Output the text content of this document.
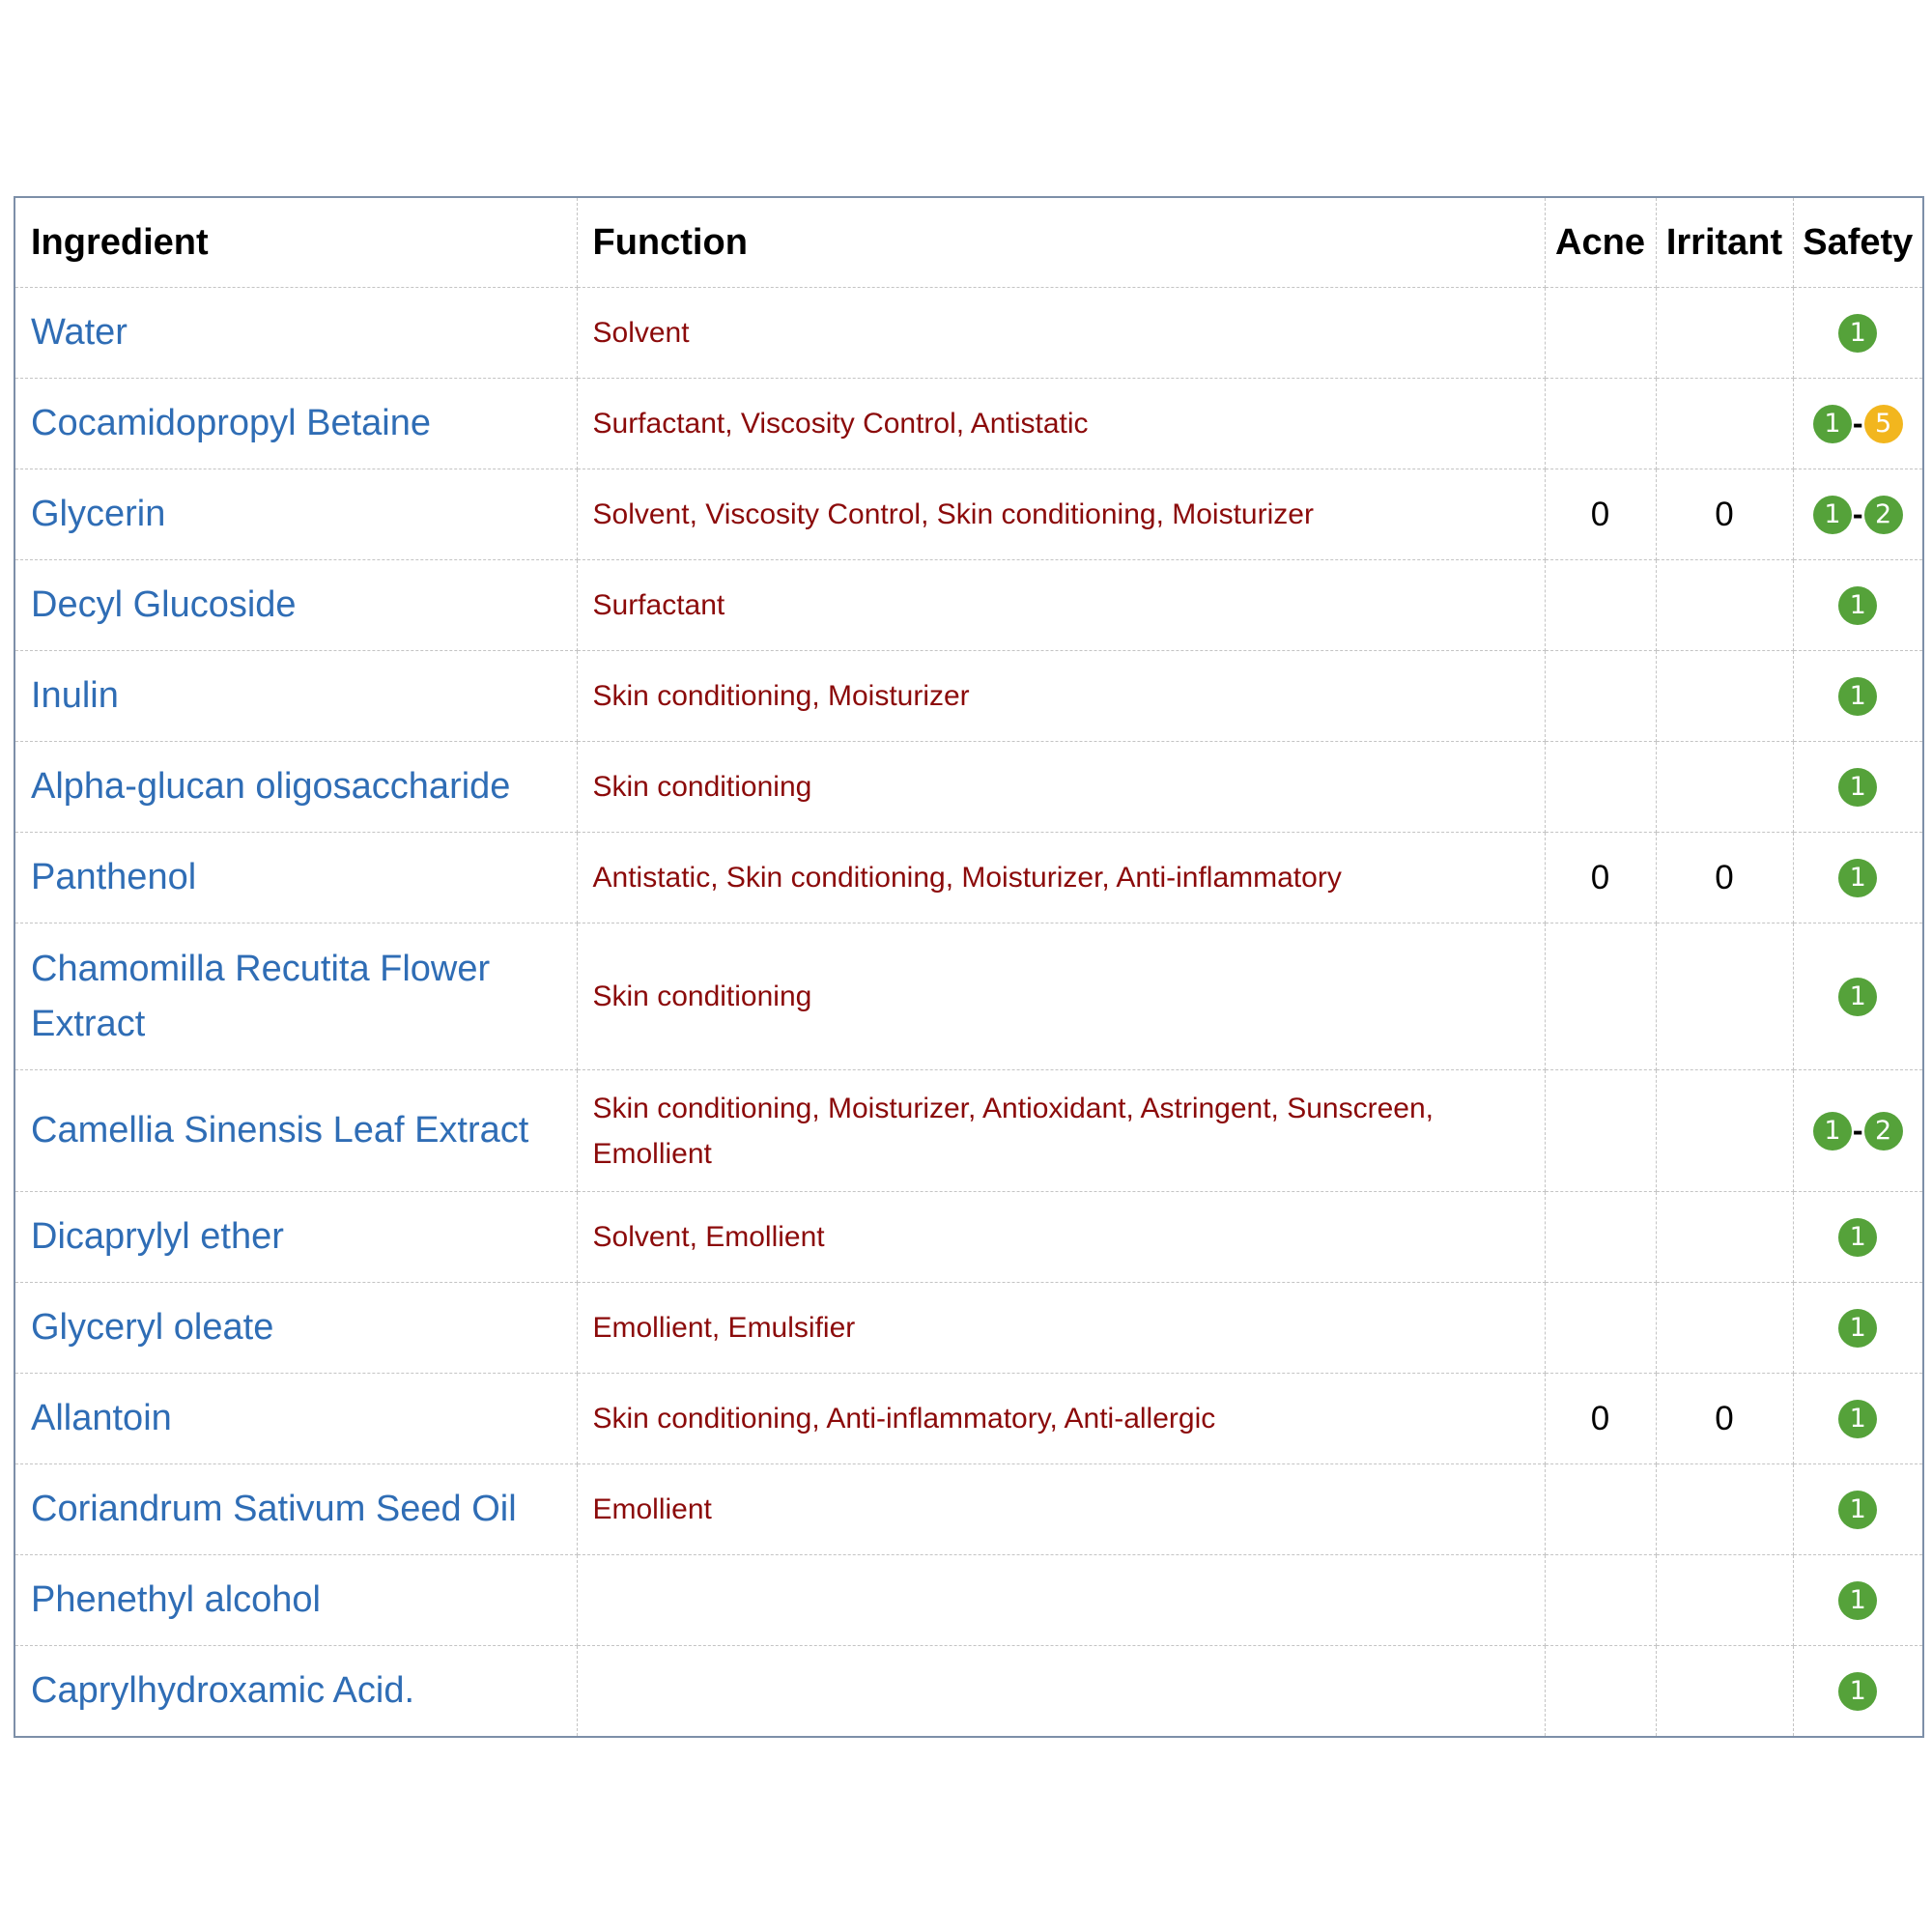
Ingredient	Function	Acne	Irritant	Safety
Water	Solvent			1
Cocamidopropyl Betaine	Surfactant, Viscosity Control, Antistatic			1 - 5
Glycerin	Solvent, Viscosity Control, Skin conditioning, Moisturizer	0	0	1 - 2
Decyl Glucoside	Surfactant			1
Inulin	Skin conditioning, Moisturizer			1
Alpha-glucan oligosaccharide	Skin conditioning			1
Panthenol	Antistatic, Skin conditioning, Moisturizer, Anti-inflammatory	0	0	1
Chamomilla Recutita Flower Extract	Skin conditioning			1
Camellia Sinensis Leaf Extract	Skin conditioning, Moisturizer, Antioxidant, Astringent, Sunscreen, Emollient			1 - 2
Dicaprylyl ether	Solvent, Emollient			1
Glyceryl oleate	Emollient, Emulsifier			1
Allantoin	Skin conditioning, Anti-inflammatory, Anti-allergic	0	0	1
Coriandrum Sativum Seed Oil	Emollient			1
Phenethyl alcohol				1
Caprylhydroxamic Acid.				1
